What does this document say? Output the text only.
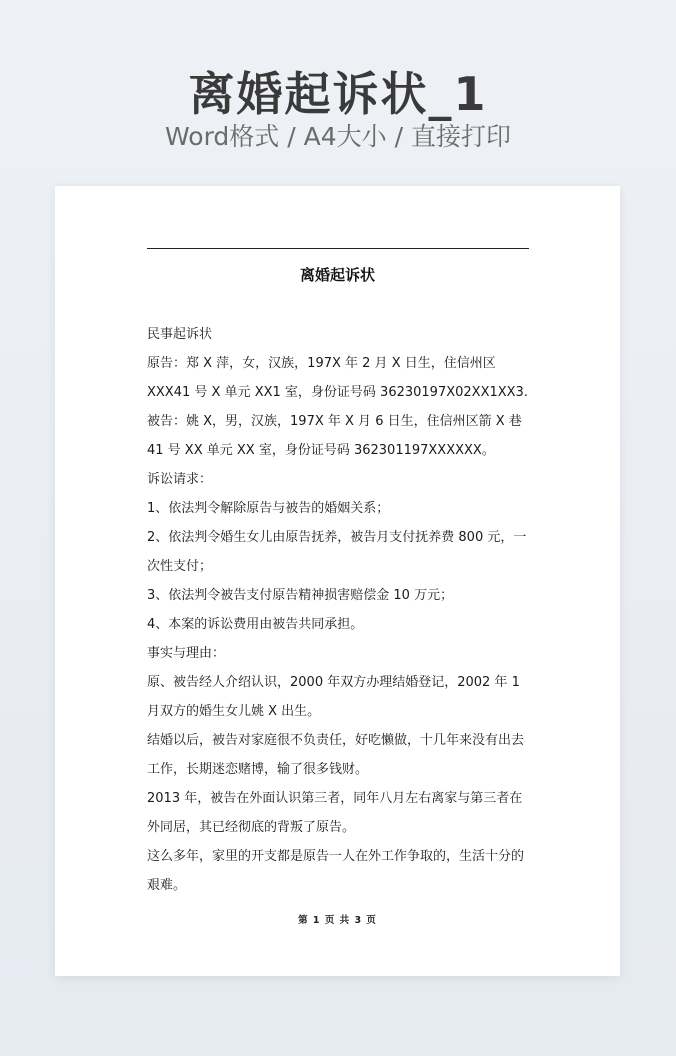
离婚起诉状_1
Word格式 / A4大小 / 直接打印
离婚起诉状

民事起诉状

原告：郑 X 萍，女，汉族，197X 年 2 月 X 日生，住信州区 XXX41 号 X 单元 XX1 室，身份证号码 36230197X02XX1XX3.

被告：姚 X，男，汉族，197X 年 X 月 6 日生，住信州区箭 X 巷 41 号 XX 单元 XX 室，身份证号码 362301197XXXXXX。

诉讼请求：

1、依法判令解除原告与被告的婚姻关系；

2、依法判令婚生女儿由原告抚养，被告月支付抚养费 800 元，一次性支付；

3、依法判令被告支付原告精神损害赔偿金 10 万元；

4、本案的诉讼费用由被告共同承担。

事实与理由：

原、被告经人介绍认识，2000 年双方办理结婚登记，2002 年 1 月双方的婚生女儿姚 X 出生。

结婚以后，被告对家庭很不负责任，好吃懒做，十几年来没有出去工作，长期迷恋赌博，输了很多钱财。

2013 年，被告在外面认识第三者，同年八月左右离家与第三者在外同居，其已经彻底的背叛了原告。

这么多年，家里的开支都是原告一人在外工作争取的，生活十分的艰难。

第 1 页 共 3 页
